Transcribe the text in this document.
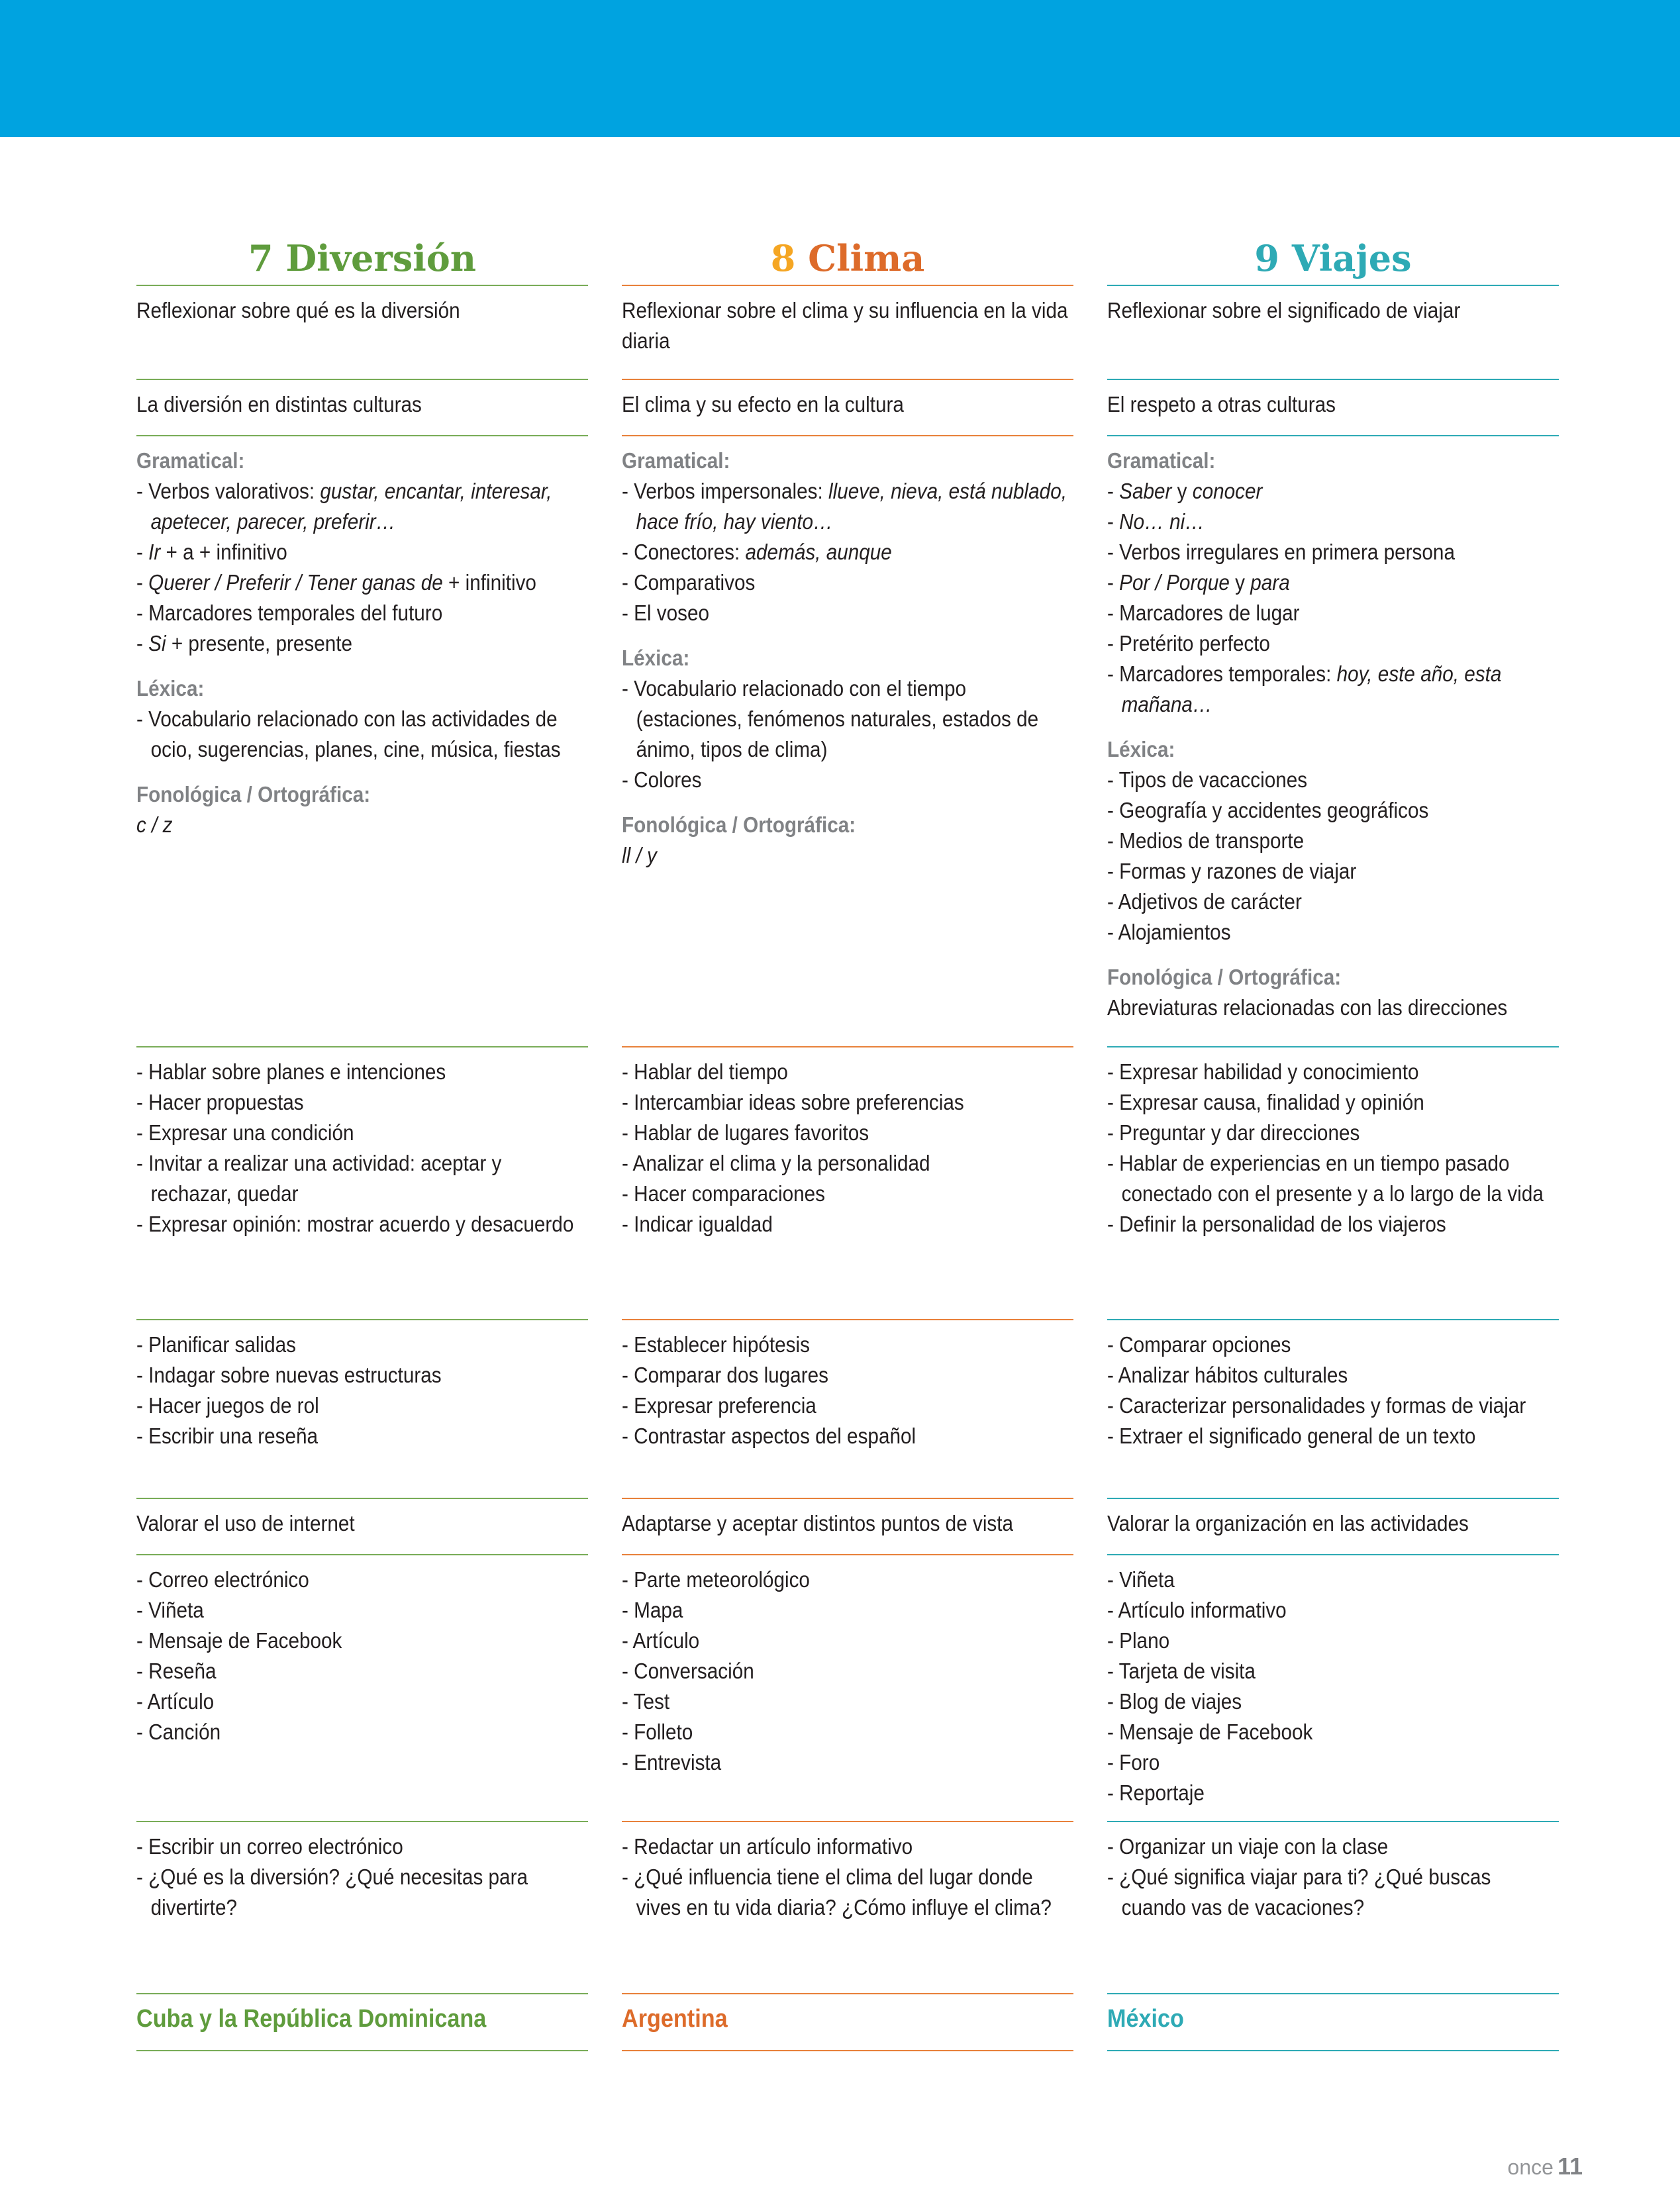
7 Diversión
Reflexionar sobre qué es la diversión
La diversión en distintas culturas
Gramatical:
- Verbos valorativos: gustar, encantar, interesar, apetecer, parecer, preferir…
- Ir + a + infinitivo
- Querer / Preferir / Tener ganas de + infinitivo
- Marcadores temporales del futuro
- Si + presente, presente
Léxica:
- Vocabulario relacionado con las actividades de ocio, sugerencias, planes, cine, música, fiestas
Fonológica / Ortográfica:
c / z
- Hablar sobre planes e intenciones
- Hacer propuestas
- Expresar una condición
- Invitar a realizar una actividad: aceptar y rechazar, quedar
- Expresar opinión: mostrar acuerdo y desacuerdo
- Planificar salidas
- Indagar sobre nuevas estructuras
- Hacer juegos de rol
- Escribir una reseña
Valorar el uso de internet
- Correo electrónico
- Viñeta
- Mensaje de Facebook
- Reseña
- Artículo
- Canción
- Escribir un correo electrónico
- ¿Qué es la diversión? ¿Qué necesitas para divertirte?
Cuba y la República Dominicana
8 Clima
Reflexionar sobre el clima y su influencia en la vida diaria
El clima y su efecto en la cultura
Gramatical:
- Verbos impersonales: llueve, nieva, está nublado, hace frío, hay viento…
- Conectores: además, aunque
- Comparativos
- El voseo
Léxica:
- Vocabulario relacionado con el tiempo (estaciones, fenómenos naturales, estados de ánimo, tipos de clima)
- Colores
Fonológica / Ortográfica:
ll / y
- Hablar del tiempo
- Intercambiar ideas sobre preferencias
- Hablar de lugares favoritos
- Analizar el clima y la personalidad
- Hacer comparaciones
- Indicar igualdad
- Establecer hipótesis
- Comparar dos lugares
- Expresar preferencia
- Contrastar aspectos del español
Adaptarse y aceptar distintos puntos de vista
- Parte meteorológico
- Mapa
- Artículo
- Conversación
- Test
- Folleto
- Entrevista
- Redactar un artículo informativo
- ¿Qué influencia tiene el clima del lugar donde vives en tu vida diaria? ¿Cómo influye el clima?
Argentina
9 Viajes
Reflexionar sobre el significado de viajar
El respeto a otras culturas
Gramatical:
- Saber y conocer
- No… ni…
- Verbos irregulares en primera persona
- Por / Porque y para
- Marcadores de lugar
- Pretérito perfecto
- Marcadores temporales: hoy, este año, esta mañana…
Léxica:
- Tipos de vacacciones
- Geografía y accidentes geográficos
- Medios de transporte
- Formas y razones de viajar
- Adjetivos de carácter
- Alojamientos
Fonológica / Ortográfica:
Abreviaturas relacionadas con las direcciones
- Expresar habilidad y conocimiento
- Expresar causa, finalidad y opinión
- Preguntar y dar direcciones
- Hablar de experiencias en un tiempo pasado conectado con el presente y a lo largo de la vida
- Definir la personalidad de los viajeros
- Comparar opciones
- Analizar hábitos culturales
- Caracterizar personalidades y formas de viajar
- Extraer el significado general de un texto
Valorar la organización en las actividades
- Viñeta
- Artículo informativo
- Plano
- Tarjeta de visita
- Blog de viajes
- Mensaje de Facebook
- Foro
- Reportaje
- Organizar un viaje con la clase
- ¿Qué significa viajar para ti? ¿Qué buscas cuando vas de vacaciones?
México
once 11
